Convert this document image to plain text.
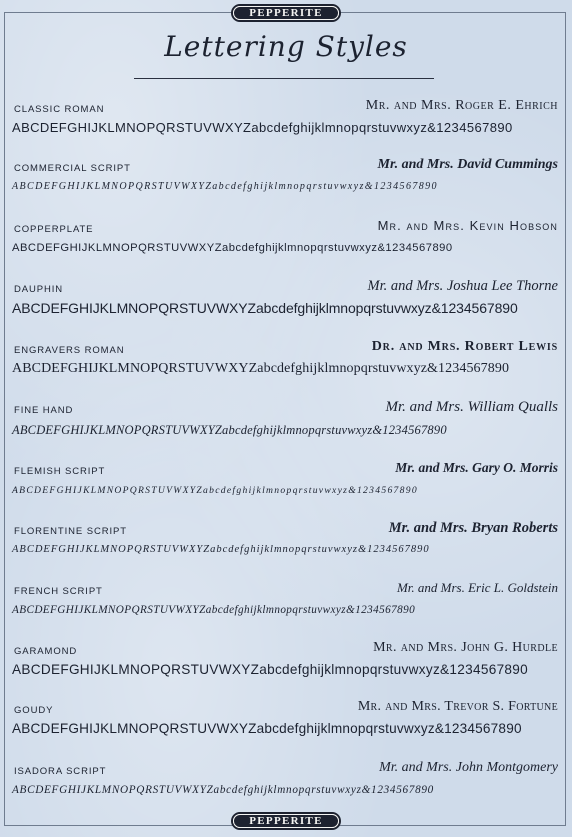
PEPPERITE
Lettering Styles
CLASSIC ROMAN	Mr. and Mrs. Roger E. Ehrich
ABCDEFGHIJKLMNOPQRSTUVWXYZabcdefghijklmnopqrstuvwxyz&1234567890
COMMERCIAL SCRIPT	Mr. and Mrs. David Cummings
ABCDEFGHIJKLMNOPQRSTUVWXYZabcdefghijklmnopqrstuvwxyz&1234567890
COPPERPLATE	Mr. and Mrs. Kevin Hobson
ABCDEFGHIJKLMNOPQRSTUVWXYZabcdefghijklmnopqrstuvwxyz&1234567890
DAUPHIN	Mr. and Mrs. Joshua Lee Thorne
ABCDEFGHIJKLMNOPQRSTUVWXYZabcdefghijklmnopqrstuvwxyz&1234567890
ENGRAVERS ROMAN	Dr. and Mrs. Robert Lewis
ABCDEFGHIJKLMNOPQRSTUVWXYZabcdefghijklmnopqrstuvwxyz&1234567890
FINE HAND	Mr. and Mrs. William Qualls
ABCDEFGHIJKLMNOPQRSTUVWXYZabcdefghijklmnopqrstuvwxyz&1234567890
FLEMISH SCRIPT	Mr. and Mrs. Gary O. Morris
ABCDEFGHIJKLMNOPQRSTUVWXYZabcdefghijklmnopqrstuvwxyz&1234567890
FLORENTINE SCRIPT	Mr. and Mrs. Bryan Roberts
ABCDEFGHIJKLMNOPQRSTUVWXYZabcdefghijklmnopqrstuvwxyz&1234567890
FRENCH SCRIPT	Mr. and Mrs. Eric L. Goldstein
ABCDEFGHIJKLMNOPQRSTUVWXYZabcdefghijklmnopqrstuvwxyz&1234567890
GARAMOND	Mr. and Mrs. John G. Hurdle
ABCDEFGHIJKLMNOPQRSTUVWXYZabcdefghijklmnopqrstuvwxyz&1234567890
GOUDY	Mr. and Mrs. Trevor S. Fortune
ABCDEFGHIJKLMNOPQRSTUVWXYZabcdefghijklmnopqrstuvwxyz&1234567890
ISADORA SCRIPT	Mr. and Mrs. John Montgomery
ABCDEFGHIJKLMNOPQRSTUVWXYZabcdefghijklmnopqrstuvwxyz&1234567890
PEPPERITE
